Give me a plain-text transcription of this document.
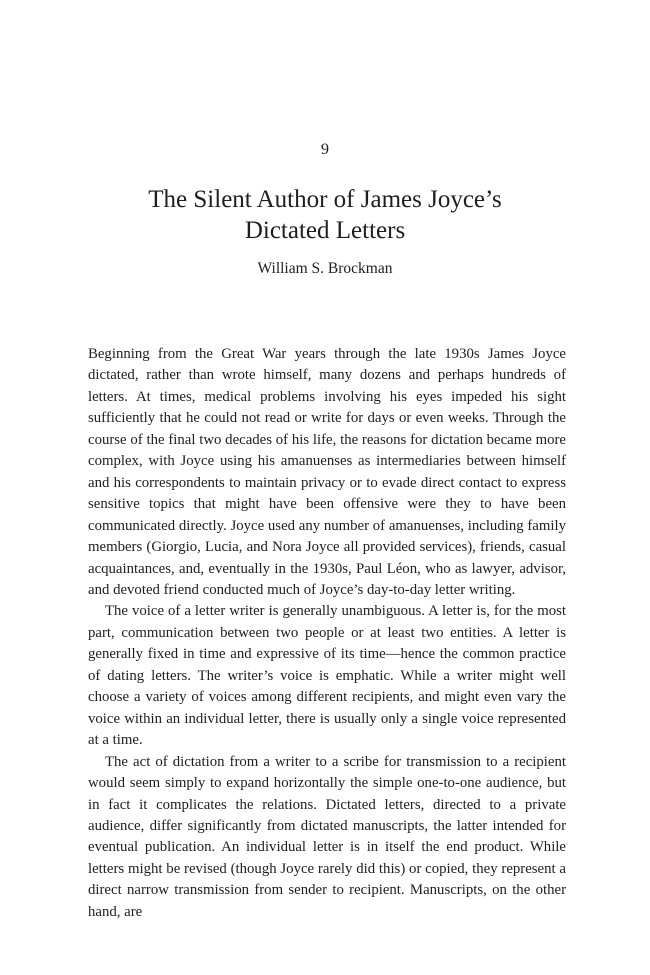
9
The Silent Author of James Joyce’s
Dictated Letters
William S. Brockman

Beginning from the Great War years through the late 1930s James Joyce dictated, rather than wrote himself, many dozens and perhaps hundreds of letters. At times, medical problems involving his eyes impeded his sight sufficiently that he could not read or write for days or even weeks. Through the course of the final two decades of his life, the reasons for dictation became more complex, with Joyce using his amanuenses as intermediaries between himself and his correspondents to maintain privacy or to evade direct contact to express sensitive topics that might have been offensive were they to have been communicated directly. Joyce used any number of amanuenses, including family members (Giorgio, Lucia, and Nora Joyce all provided services), friends, casual acquaintances, and, eventually in the 1930s, Paul Léon, who as lawyer, advisor, and devoted friend conducted much of Joyce’s day-to-day letter writing.

The voice of a letter writer is generally unambiguous. A letter is, for the most part, communication between two people or at least two entities. A letter is generally fixed in time and expressive of its time—hence the common practice of dating letters. The writer’s voice is emphatic. While a writer might well choose a variety of voices among different recipients, and might even vary the voice within an individual letter, there is usually only a single voice represented at a time.

The act of dictation from a writer to a scribe for transmission to a recipient would seem simply to expand horizontally the simple one-to-one audience, but in fact it complicates the relations. Dictated letters, directed to a private audience, differ significantly from dictated manuscripts, the latter intended for eventual publication. An individual letter is in itself the end product. While letters might be revised (though Joyce rarely did this) or copied, they represent a direct narrow transmission from sender to recipient. Manuscripts, on the other hand, are
